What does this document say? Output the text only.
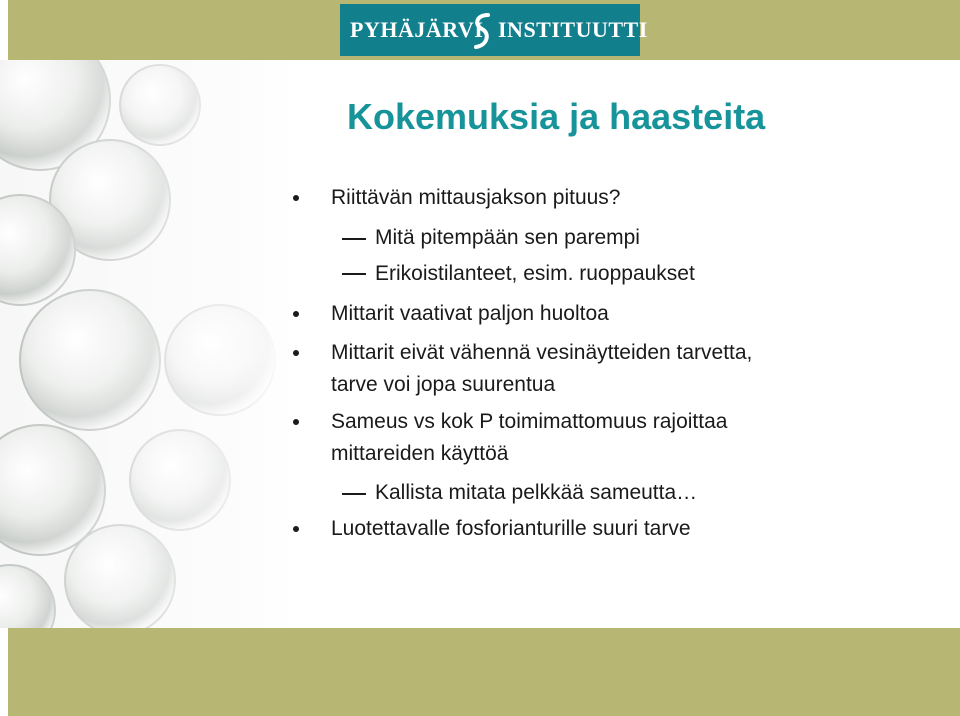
PYHÄJÄRVI INSTITUUTTI
Kokemuksia ja haasteita
Riittävän mittausjakson pituus?
Mitä pitempään sen parempi
Erikoistilanteet, esim. ruoppaukset
Mittarit vaativat paljon huoltoa
Mittarit eivät vähennä vesinäytteiden tarvetta,
tarve voi jopa suurentua
Sameus vs kok P toimimattomuus rajoittaa
mittareiden käyttöä
Kallista mitata pelkkää sameutta…
Luotettavalle fosforianturille suuri tarve
